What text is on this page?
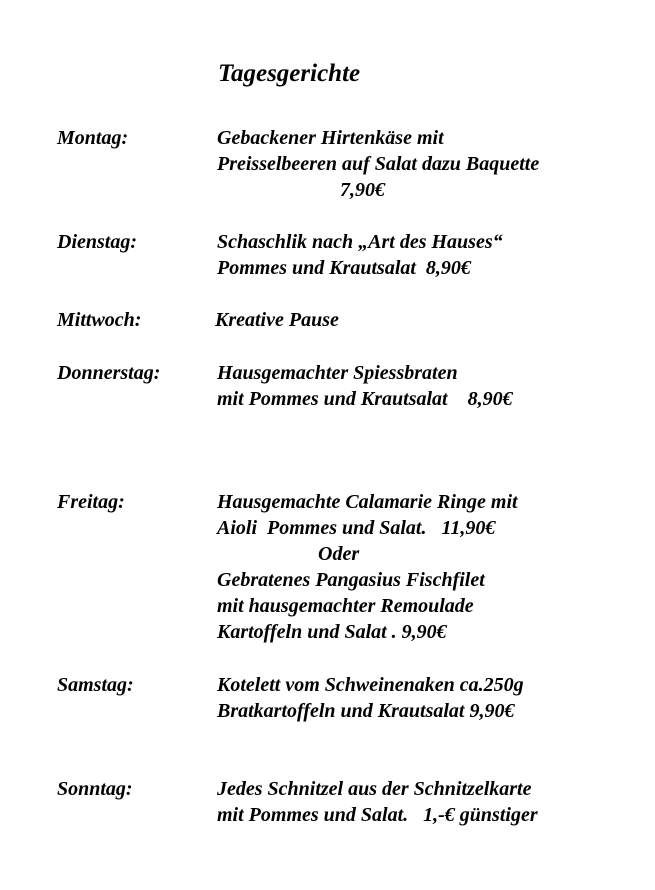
Tagesgerichte
Montag:	Gebackener Hirtenkäse mit
Preisselbeeren auf Salat dazu Baquette
7,90€
Dienstag:	Schaschlik nach „Art des Hauses“
Pommes und Krautsalat  8,90€
Mittwoch:	Kreative Pause
Donnerstag:	Hausgemachter Spiessbraten
mit Pommes und Krautsalat    8,90€
Freitag:	Hausgemachte Calamarie Ringe mit
Aioli  Pommes und Salat.   11,90€
Oder
Gebratenes Pangasius Fischfilet
mit hausgemachter Remoulade
Kartoffeln und Salat . 9,90€
Samstag:	Kotelett vom Schweinenaken ca.250g
Bratkartoffeln und Krautsalat 9,90€
Sonntag:	Jedes Schnitzel aus der Schnitzelkarte
mit Pommes und Salat.   1,-€ günstiger
